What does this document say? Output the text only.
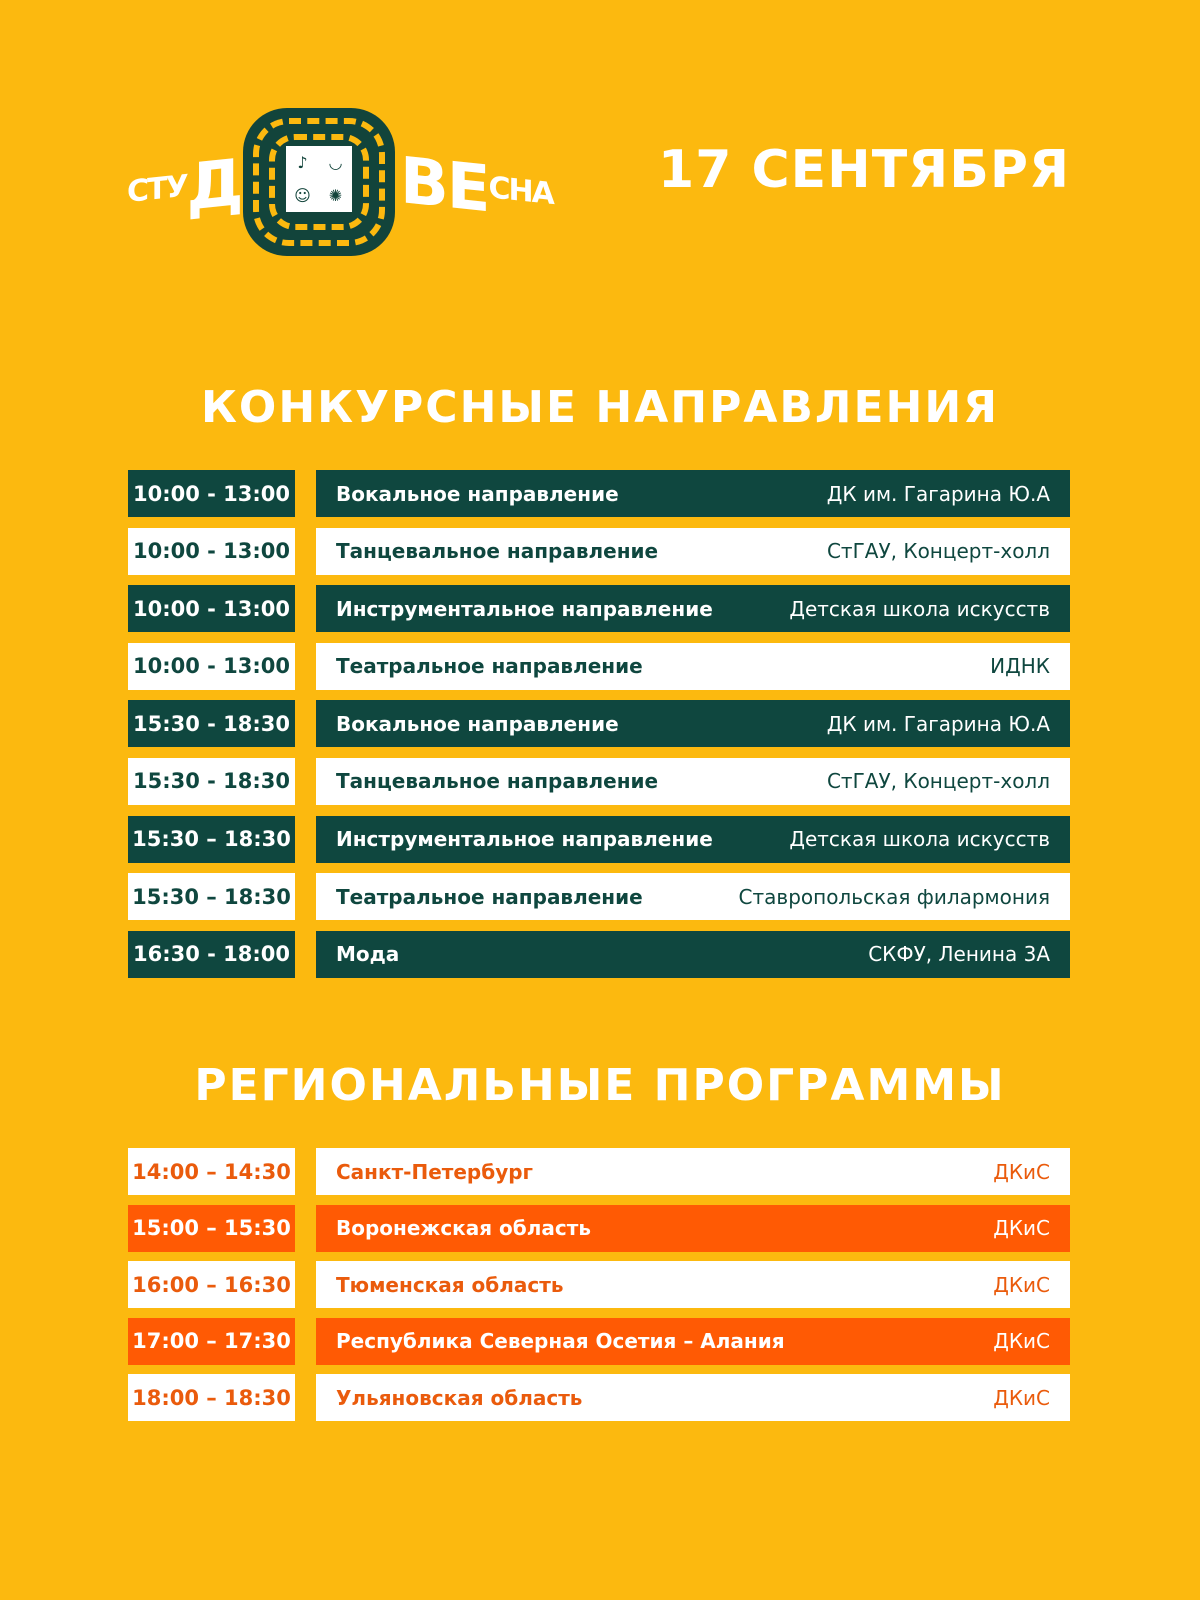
СТУД	♪ ◡
☺ ✺ ВЕСНА 17 СЕНТЯБРЯ
КОНКУРСНЫЕ НАПРАВЛЕНИЯ
10:00 - 13:00 Вокальное направление	ДК им. Гагарина Ю.А
10:00 - 13:00 Танцевальное направление	СтГАУ, Концерт-холл
10:00 - 13:00 Инструментальное направление	Детская школа искусств
10:00 - 13:00 Театральное направление	ИДНК
15:30 - 18:30 Вокальное направление	ДК им. Гагарина Ю.А
15:30 - 18:30 Танцевальное направление	СтГАУ, Концерт-холл
15:30 – 18:30 Инструментальное направление	Детская школа искусств
15:30 – 18:30 Театральное направление	Ставропольская филармония
16:30 - 18:00 Мода	СКФУ, Ленина 3А
РЕГИОНАЛЬНЫЕ ПРОГРАММЫ
14:00 – 14:30 Санкт-Петербург	ДКиС
15:00 – 15:30 Воронежская область	ДКиС
16:00 – 16:30 Тюменская область	ДКиС
17:00 – 17:30 Республика Северная Осетия – Алания	ДКиС
18:00 – 18:30 Ульяновская область	ДКиС
